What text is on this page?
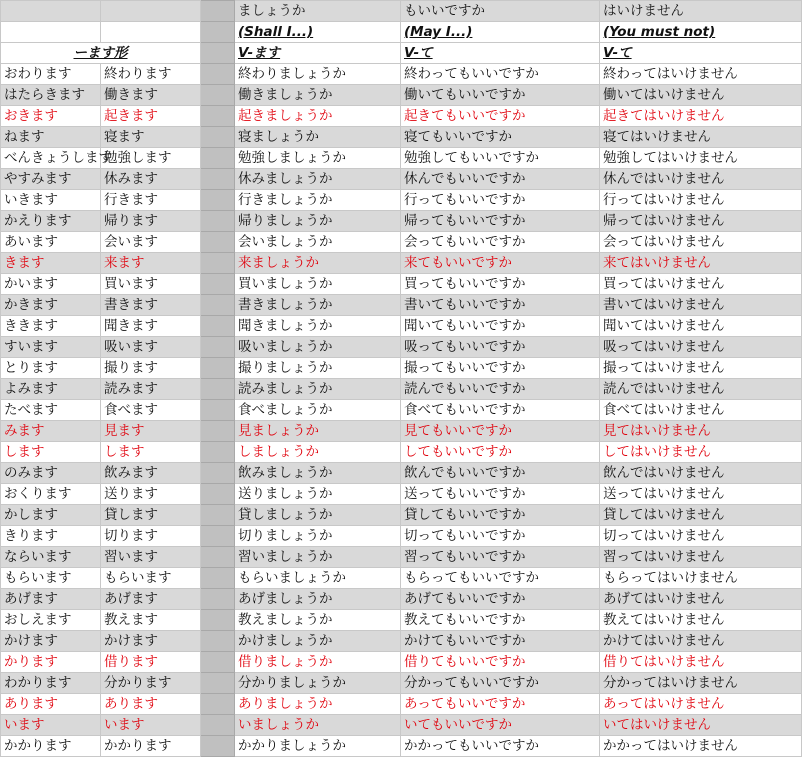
			ましょうか	もいいですか	はいけません
			(Shall I...)	(May I...)	(You must not)
ーます形			V-ます	V-て	V-て
おわります	終わります		終わりましょうか	終わってもいいですか	終わってはいけません
はたらきます	働きます		働きましょうか	働いてもいいですか	働いてはいけません
おきます	起きます		起きましょうか	起きてもいいですか	起きてはいけません
ねます	寝ます		寝ましょうか	寝てもいいですか	寝てはいけません
べんきょうします	勉強します		勉強しましょうか	勉強してもいいですか	勉強してはいけません
やすみます	休みます		休みましょうか	休んでもいいですか	休んではいけません
いきます	行きます		行きましょうか	行ってもいいですか	行ってはいけません
かえります	帰ります		帰りましょうか	帰ってもいいですか	帰ってはいけません
あいます	会います		会いましょうか	会ってもいいですか	会ってはいけません
きます	来ます		来ましょうか	来てもいいですか	来てはいけません
かいます	買います		買いましょうか	買ってもいいですか	買ってはいけません
かきます	書きます		書きましょうか	書いてもいいですか	書いてはいけません
ききます	聞きます		聞きましょうか	聞いてもいいですか	聞いてはいけません
すいます	吸います		吸いましょうか	吸ってもいいですか	吸ってはいけません
とります	撮ります		撮りましょうか	撮ってもいいですか	撮ってはいけません
よみます	読みます		読みましょうか	読んでもいいですか	読んではいけません
たべます	食べます		食べましょうか	食べてもいいですか	食べてはいけません
みます	見ます		見ましょうか	見てもいいですか	見てはいけません
します	します		しましょうか	してもいいですか	してはいけません
のみます	飲みます		飲みましょうか	飲んでもいいですか	飲んではいけません
おくります	送ります		送りましょうか	送ってもいいですか	送ってはいけません
かします	貸します		貸しましょうか	貸してもいいですか	貸してはいけません
きります	切ります		切りましょうか	切ってもいいですか	切ってはいけません
ならいます	習います		習いましょうか	習ってもいいですか	習ってはいけません
もらいます	もらいます		もらいましょうか	もらってもいいですか	もらってはいけません
あげます	あげます		あげましょうか	あげてもいいですか	あげてはいけません
おしえます	教えます		教えましょうか	教えてもいいですか	教えてはいけません
かけます	かけます		かけましょうか	かけてもいいですか	かけてはいけません
かります	借ります		借りましょうか	借りてもいいですか	借りてはいけません
わかります	分かります		分かりましょうか	分かってもいいですか	分かってはいけません
あります	あります		ありましょうか	あってもいいですか	あってはいけません
います	います		いましょうか	いてもいいですか	いてはいけません
かかります	かかります		かかりましょうか	かかってもいいですか	かかってはいけません
